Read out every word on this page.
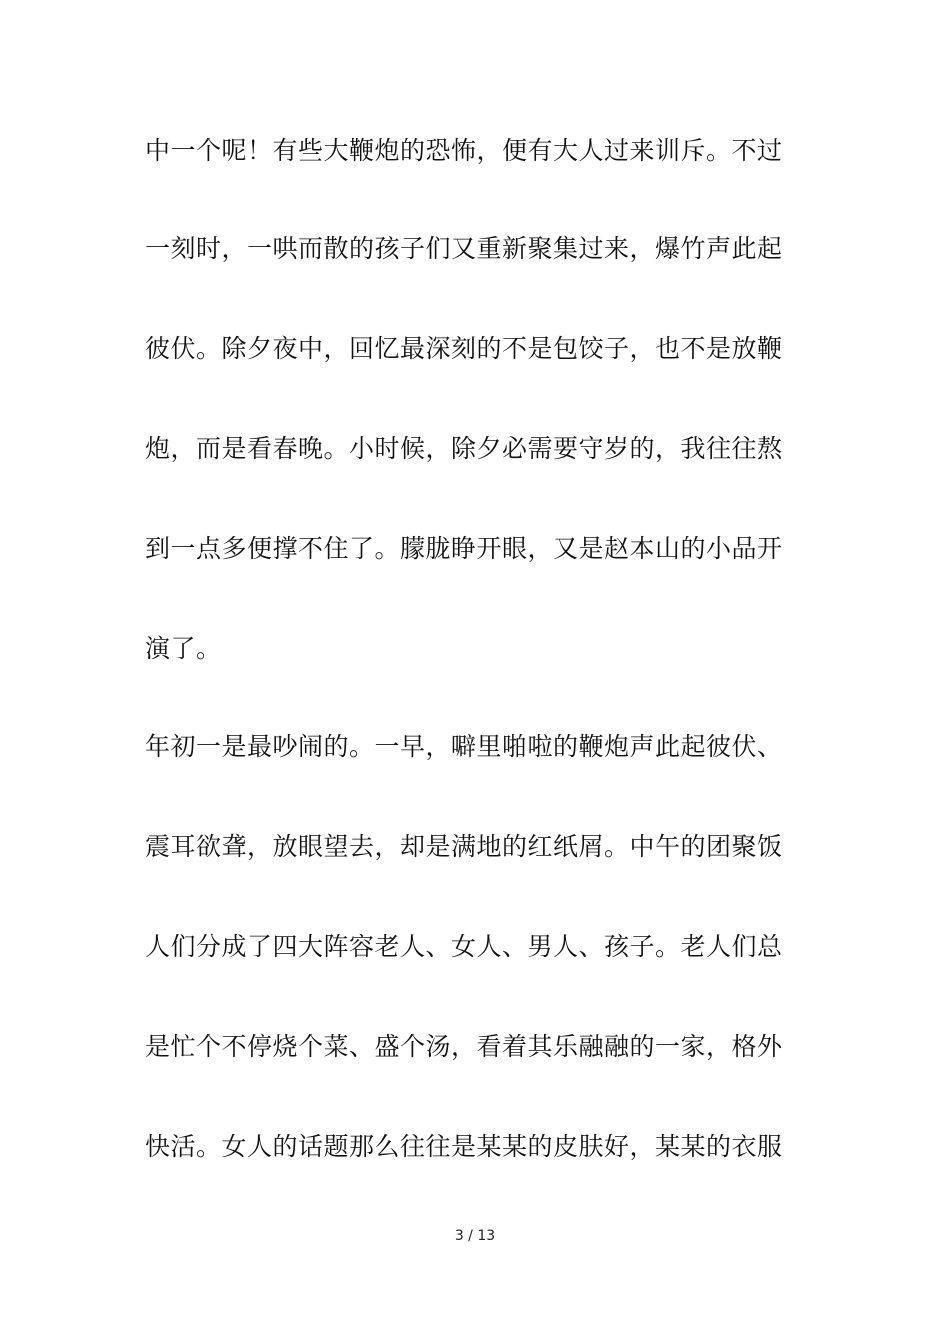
中一个呢！有些大鞭炮的恐怖，便有大人过来训斥。不过
一刻时，一哄而散的孩子们又重新聚集过来，爆竹声此起
彼伏。除夕夜中，回忆最深刻的不是包饺子，也不是放鞭
炮，而是看春晚。小时候，除夕必需要守岁的，我往往熬
到一点多便撑不住了。朦胧睁开眼，又是赵本山的小品开
演了。
年初一是最吵闹的。一早，噼里啪啦的鞭炮声此起彼伏、
震耳欲聋，放眼望去，却是满地的红纸屑。中午的团聚饭
人们分成了四大阵容老人、女人、男人、孩子。老人们总
是忙个不停烧个菜、盛个汤，看着其乐融融的一家，格外
快活。女人的话题那么往往是某某的皮肤好，某某的衣服
3 / 13
